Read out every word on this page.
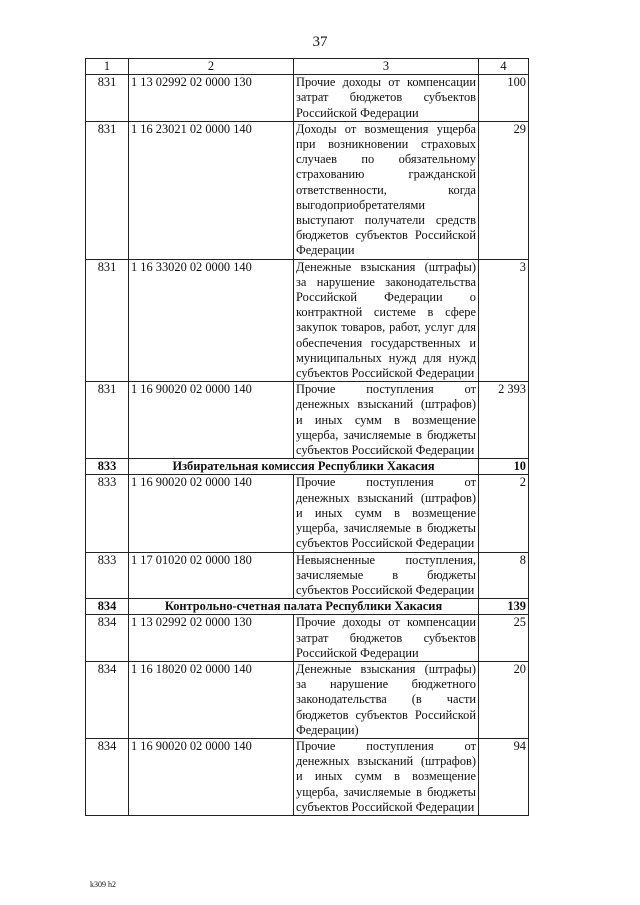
37
1	2	3	4
831	1 13 02992 02 0000 130	Прочие доходы от компенсации затрат бюджетов субъектов Российской Федерации	100
831	1 16 23021 02 0000 140	Доходы от возмещения ущерба при возникновении страховых случаев по обязательному страхованию гражданской ответственности, когда выгодоприобретателями выступают получатели средств бюджетов субъектов Российской Федерации	29
831	1 16 33020 02 0000 140	Денежные взыскания (штрафы) за нарушение законодательства Российской Федерации о контрактной системе в сфере закупок товаров, работ, услуг для обеспечения государственных и муниципальных нужд для нужд субъектов Российской Федерации	3
831	1 16 90020 02 0000 140	Прочие поступления от денежных взысканий (штрафов) и иных сумм в возмещение ущерба, зачисляемые в бюджеты субъектов Российской Федерации	2 393
833	Избирательная комиссия Республики Хакасия		10
833	1 16 90020 02 0000 140	Прочие поступления от денежных взысканий (штрафов) и иных сумм в возмещение ущерба, зачисляемые в бюджеты субъектов Российской Федерации	2
833	1 17 01020 02 0000 180	Невыясненные поступления, зачисляемые в бюджеты субъектов Российской Федерации	8
834	Контрольно-счетная палата Республики Хакасия		139
834	1 13 02992 02 0000 130	Прочие доходы от компенсации затрат бюджетов субъектов Российской Федерации	25
834	1 16 18020 02 0000 140	Денежные взыскания (штрафы) за нарушение бюджетного законодательства (в части бюджетов субъектов Российской Федерации)	20
834	1 16 90020 02 0000 140	Прочие поступления от денежных взысканий (штрафов) и иных сумм в возмещение ущерба, зачисляемые в бюджеты субъектов Российской Федерации	94
k309 h2
